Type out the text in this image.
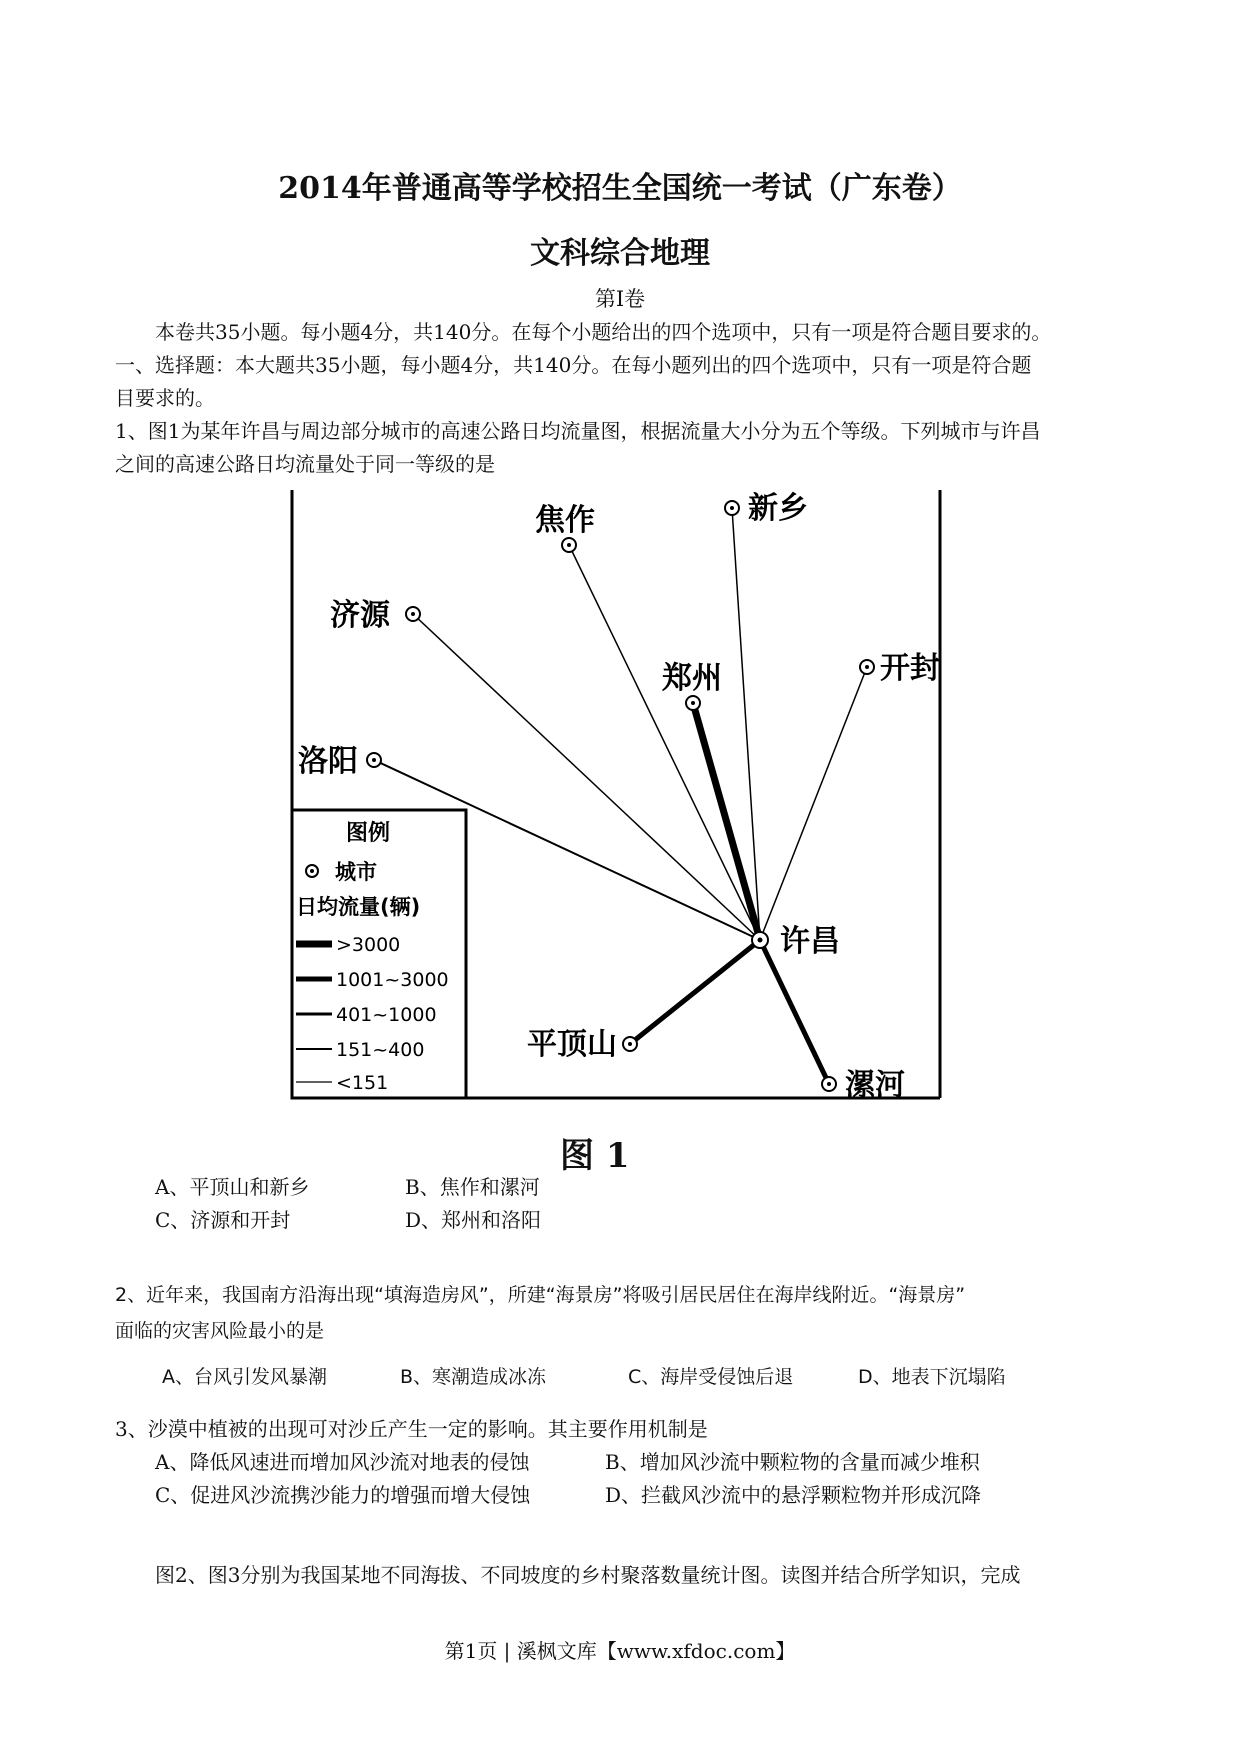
2014年普通高等学校招生全国统一考试（广东卷）
文科综合地理
第Ⅰ卷
本卷共35小题。每小题4分，共140分。在每个小题给出的四个选项中，只有一项是符合题目要求的。
一、选择题：本大题共35小题，每小题4分，共140分。在每小题列出的四个选项中，只有一项是符合题
目要求的。
1、图1为某年许昌与周边部分城市的高速公路日均流量图，根据流量大小分为五个等级。下列城市与许昌
之间的高速公路日均流量处于同一等级的是
焦作	新乡
济源
郑州	开封
洛阳
许昌
平顶山
漯河
图例
城市
日均流量(辆)
>3000
1001~3000
401~1000
151~400
<151
图 1
A、平顶山和新乡	B、焦作和漯河
C、济源和开封	D、郑州和洛阳
2、近年来，我国南方沿海出现“填海造房风”，所建“海景房”将吸引居民居住在海岸线附近。“海景房”
面临的灾害风险最小的是
A、台风引发风暴潮	B、寒潮造成冰冻	C、海岸受侵蚀后退	D、地表下沉塌陷
3、沙漠中植被的出现可对沙丘产生一定的影响。其主要作用机制是
A、降低风速进而增加风沙流对地表的侵蚀	B、增加风沙流中颗粒物的含量而减少堆积
C、促进风沙流携沙能力的增强而增大侵蚀	D、拦截风沙流中的悬浮颗粒物并形成沉降
图2、图3分别为我国某地不同海拔、不同坡度的乡村聚落数量统计图。读图并结合所学知识，完成
第1页 | 溪枫文库【www.xfdoc.com】
